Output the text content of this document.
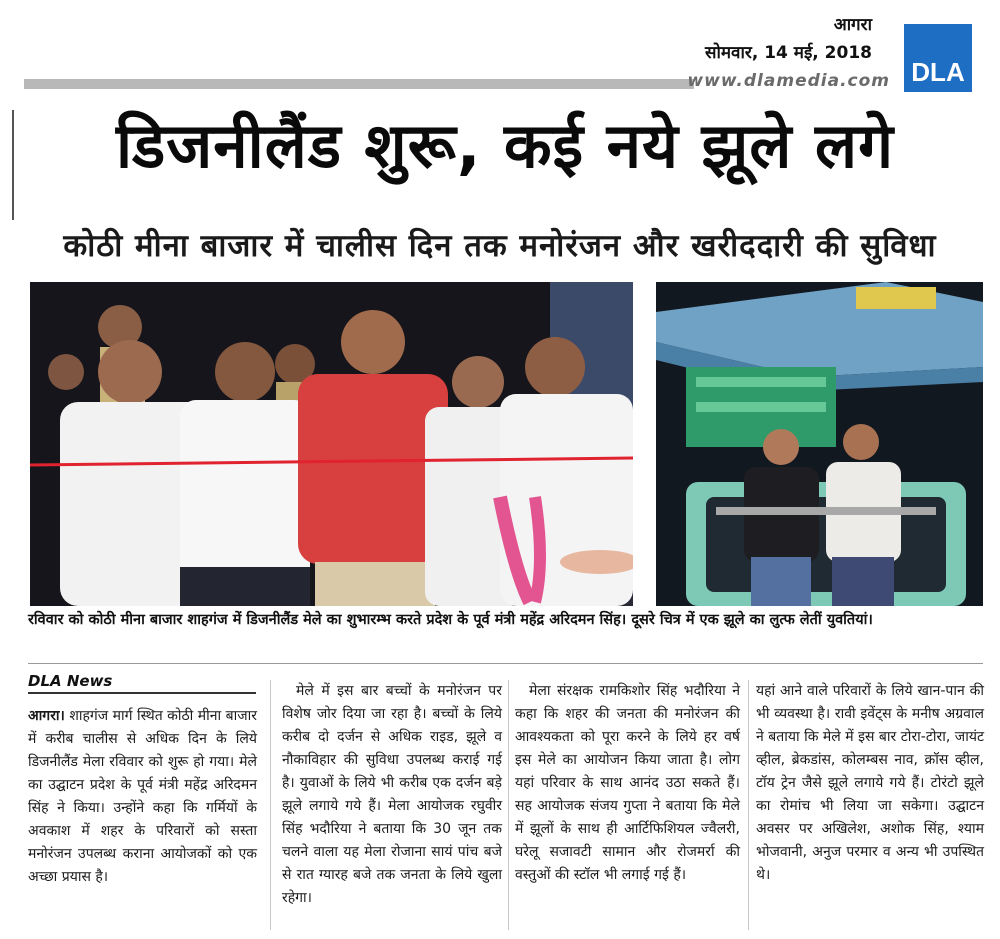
आगरा
सोमवार, 14 मई, 2018
www.dlamedia.com DLA
डिजनीलैंड शुरू, कई नये झूले लगे
कोठी मीना बाजार में चालीस दिन तक मनोरंजन और खरीददारी की सुविधा
रविवार को कोठी मीना बाजार शाहगंज में डिजनीलैंड मेले का शुभारम्भ करते प्रदेश के पूर्व मंत्री महेंद्र अरिदमन सिंह। दूसरे चित्र में एक झूले का लुत्फ लेतीं युवतियां।
DLA News
आगरा। शाहगंज मार्ग स्थित कोठी मीना बाजार में करीब चालीस से अधिक दिन के लिये डिजनीलैंड मेला रविवार को शुरू हो गया। मेले का उद्घाटन प्रदेश के पूर्व मंत्री महेंद्र अरिदमन सिंह ने किया। उन्होंने कहा कि गर्मियों के अवकाश में शहर के परिवारों को सस्ता मनोरंजन उपलब्ध कराना आयोजकों को एक अच्छा प्रयास है।
मेले में इस बार बच्चों के मनोरंजन पर विशेष जोर दिया जा रहा है। बच्चों के लिये करीब दो दर्जन से अधिक राइड, झूले व नौकाविहार की सुविधा उपलब्ध कराई गई है। युवाओं के लिये भी करीब एक दर्जन बड़े झूले लगाये गये हैं। मेला आयोजक रघुवीर सिंह भदौरिया ने बताया कि 30 जून तक चलने वाला यह मेला रोजाना सायं पांच बजे से रात ग्यारह बजे तक जनता के लिये खुला रहेगा।
मेला संरक्षक रामकिशोर सिंह भदौरिया ने कहा कि शहर की जनता की मनोरंजन की आवश्यकता को पूरा करने के लिये हर वर्ष इस मेले का आयोजन किया जाता है। लोग यहां परिवार के साथ आनंद उठा सकते हैं। सह आयोजक संजय गुप्ता ने बताया कि मेले में झूलों के साथ ही आर्टिफिशियल ज्वैलरी, घरेलू सजावटी सामान और रोजमर्रा की वस्तुओं की स्टॉल भी लगाई गई हैं।
यहां आने वाले परिवारों के लिये खान-पान की भी व्यवस्था है। रावी इवेंट्स के मनीष अग्रवाल ने बताया कि मेले में इस बार टोरा-टोरा, जायंट व्हील, ब्रेकडांस, कोलम्बस नाव, क्रॉस व्हील, टॉय ट्रेन जैसे झूले लगाये गये हैं। टोरंटो झूले का रोमांच भी लिया जा सकेगा। उद्घाटन अवसर पर अखिलेश, अशोक सिंह, श्याम भोजवानी, अनुज परमार व अन्य भी उपस्थित थे।
